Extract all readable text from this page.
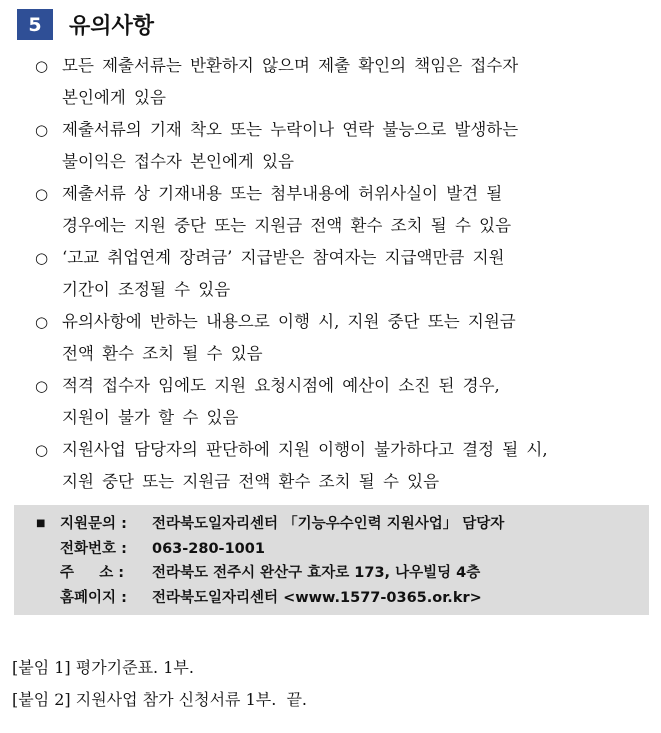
5	유의사항
○ 모든 제출서류는 반환하지 않으며 제출 확인의 책임은 접수자
본인에게 있음
○ 제출서류의 기재 착오 또는 누락이나 연락 불능으로 발생하는
불이익은 접수자 본인에게 있음
○ 제출서류 상 기재내용 또는 첨부내용에 허위사실이 발견 될
경우에는 지원 중단 또는 지원금 전액 환수 조치 될 수 있음
○ ‘고교 취업연계 장려금’ 지급받은 참여자는 지급액만큼 지원
기간이 조정될 수 있음
○ 유의사항에 반하는 내용으로 이행 시, 지원 중단 또는 지원금
전액 환수 조치 될 수 있음
○ 적격 접수자 임에도 지원 요청시점에 예산이 소진 된 경우,
지원이 불가 할 수 있음
○ 지원사업 담당자의 판단하에 지원 이행이 불가하다고 결정 될 시,
지원 중단 또는 지원금 전액 환수 조치 될 수 있음
■	지원문의 :	전라북도일자리센터 「기능우수인력 지원사업」 담당자
전화번호 :	063-280-1001
주     소 :	전라북도 전주시 완산구 효자로 173, 나우빌딩 4층
홈페이지 :	전라북도일자리센터 <www.1577-0365.or.kr>
[붙임 1] 평가기준표. 1부.
[붙임 2] 지원사업 참가 신청서류 1부.  끝.
